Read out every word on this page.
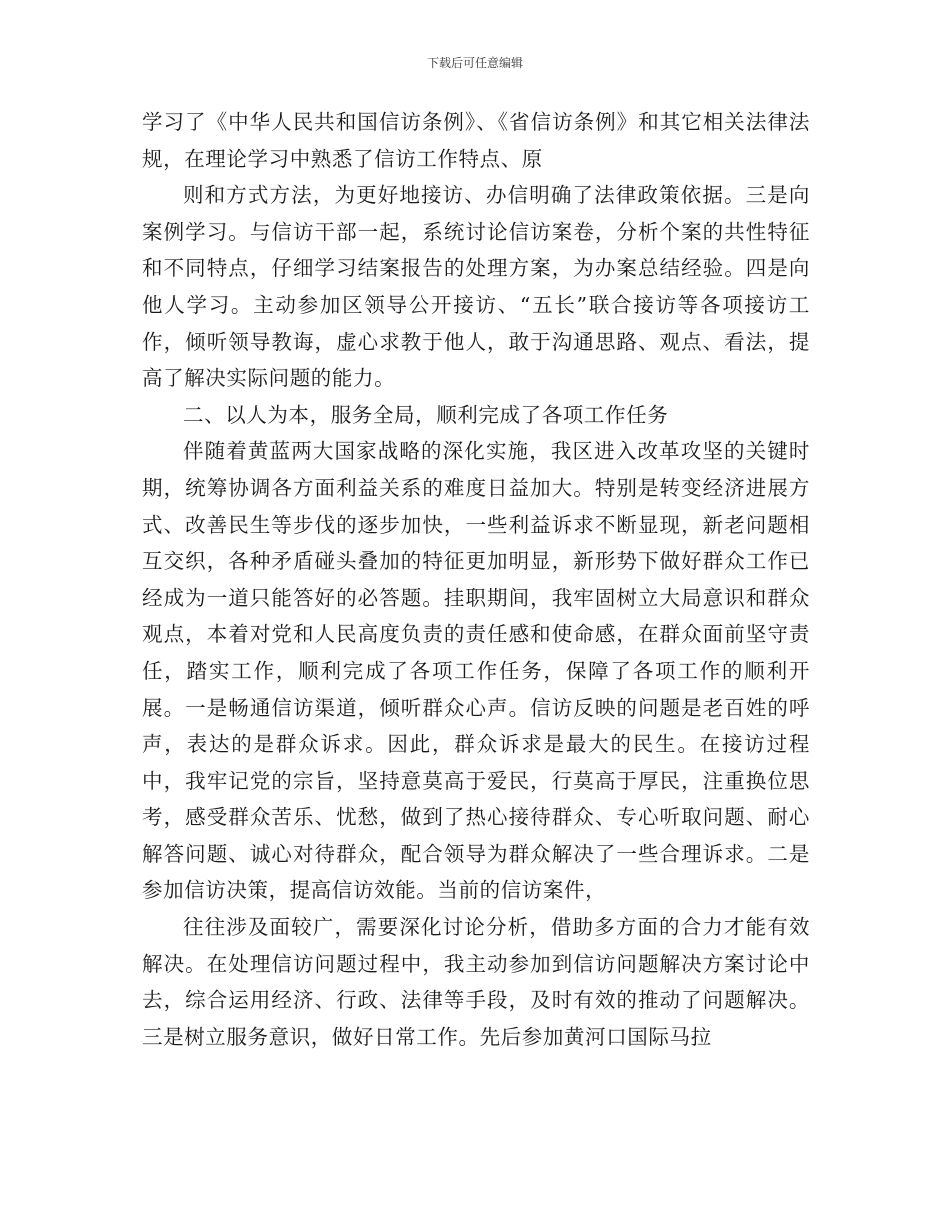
下载后可任意编辑

学习了《中华人民共和国信访条例》、《省信访条例》和其它相关法律法规，在理论学习中熟悉了信访工作特点、原

则和方式方法，为更好地接访、办信明确了法律政策依据。三是向案例学习。与信访干部一起，系统讨论信访案卷，分析个案的共性特征和不同特点，仔细学习结案报告的处理方案，为办案总结经验。四是向他人学习。主动参加区领导公开接访、“五长”联合接访等各项接访工作，倾听领导教诲，虚心求教于他人，敢于沟通思路、观点、看法，提高了解决实际问题的能力。

二、以人为本，服务全局，顺利完成了各项工作任务

伴随着黄蓝两大国家战略的深化实施，我区进入改革攻坚的关键时期，统筹协调各方面利益关系的难度日益加大。特别是转变经济进展方式、改善民生等步伐的逐步加快，一些利益诉求不断显现，新老问题相互交织，各种矛盾碰头叠加的特征更加明显，新形势下做好群众工作已经成为一道只能答好的必答题。挂职期间，我牢固树立大局意识和群众观点，本着对党和人民高度负责的责任感和使命感，在群众面前坚守责任，踏实工作，顺利完成了各项工作任务，保障了各项工作的顺利开展。一是畅通信访渠道，倾听群众心声。信访反映的问题是老百姓的呼声，表达的是群众诉求。因此，群众诉求是最大的民生。在接访过程中，我牢记党的宗旨，坚持意莫高于爱民，行莫高于厚民，注重换位思考，感受群众苦乐、忧愁，做到了热心接待群众、专心听取问题、耐心解答问题、诚心对待群众，配合领导为群众解决了一些合理诉求。二是参加信访决策，提高信访效能。当前的信访案件，

往往涉及面较广，需要深化讨论分析，借助多方面的合力才能有效解决。在处理信访问题过程中，我主动参加到信访问题解决方案讨论中去，综合运用经济、行政、法律等手段，及时有效的推动了问题解决。三是树立服务意识，做好日常工作。先后参加黄河口国际马拉
